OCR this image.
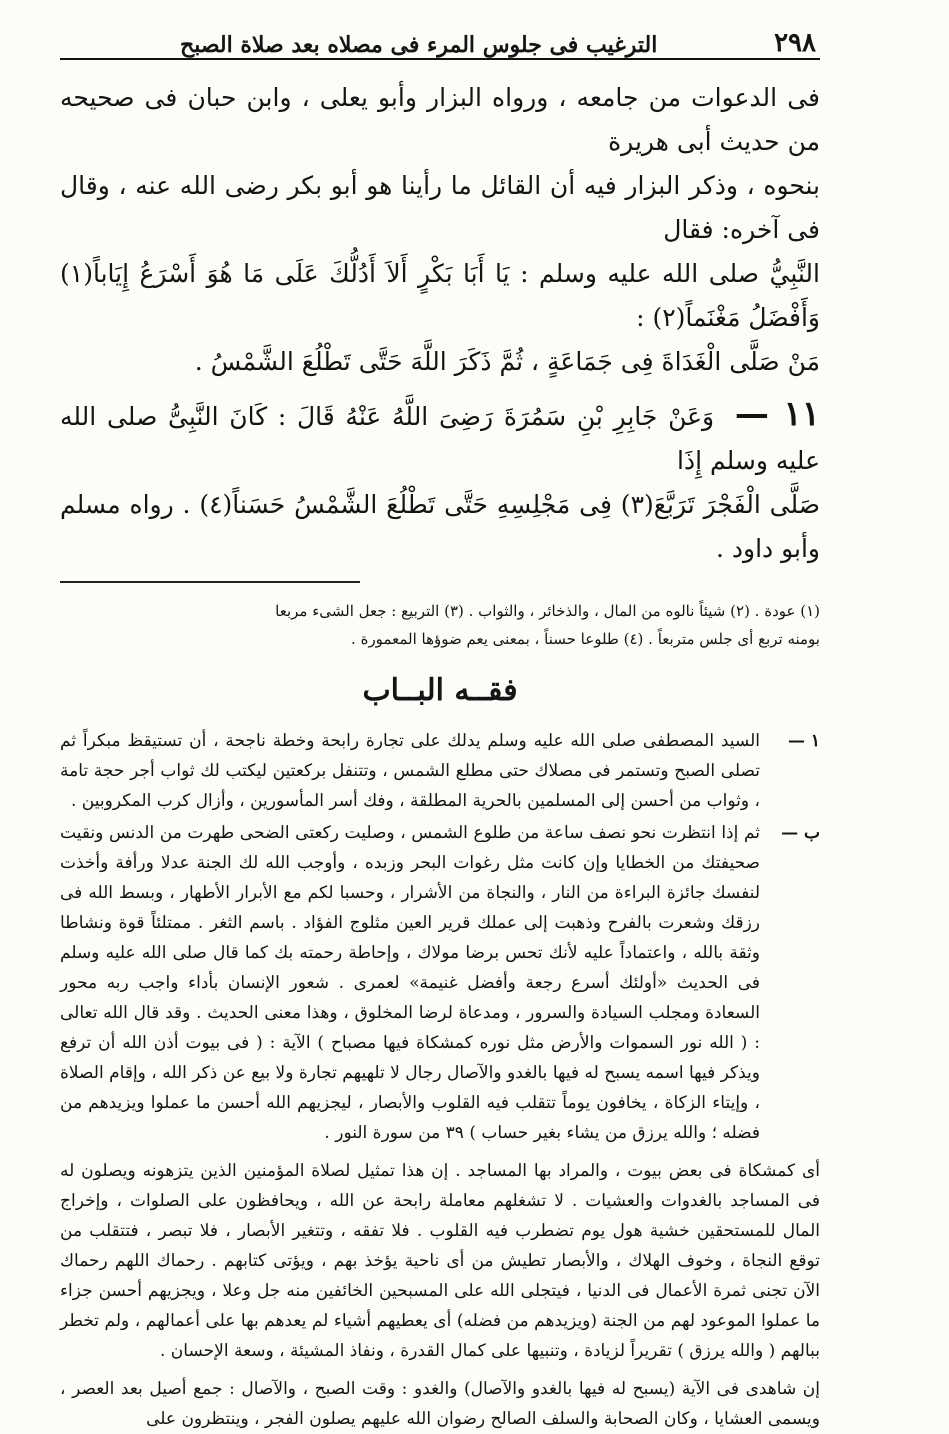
٢٩٨
الترغيب فى جلوس المرء فى مصلاه بعد صلاة الصبح

فى الدعوات من جامعه ، ورواه البزار وأبو يعلى ، وابن حبان فى صحيحه من حديث أبى هريرة

بنحوه ، وذكر البزار فيه أن القائل ما رأينا هو أبو بكر رضى الله عنه ، وقال فى آخره: فقال

النَّبِيُّ صلى الله عليه وسلم : يَا أَبَا بَكْرٍ أَلاَ أَدُلُّكَ عَلَى مَا هُوَ أَسْرَعُ إِيَاباً(١) وَأَفْضَلُ مَغْنَماً(٢) :

مَنْ صَلَّى الْغَدَاةَ فِى جَمَاعَةٍ ، ثُمَّ ذَكَرَ اللَّهَ حَتَّى تَطْلُعَ الشَّمْسُ .

١١ — وَعَنْ جَابِرِ بْنِ سَمُرَةَ رَضِىَ اللَّهُ عَنْهُ قَالَ : كَانَ النَّبِىُّ صلى الله عليه وسلم إِذَا

صَلَّى الْفَجْرَ تَرَبَّعَ(٣) فِى مَجْلِسِهِ حَتَّى تَطْلُعَ الشَّمْسُ حَسَناً(٤) . رواه مسلم وأبو داود .

(١) عودة . (٢) شيئاً نالوه من المال ، والذخائر ، والثواب . (٣) التربيع : جعل الشىء مربعا
بومنه تربع أى جلس متربعاً . (٤) طلوعا حسناً ، بمعنى يعم ضوؤها المعمورة .
فقــه البــاب
١ —
السيد المصطفى صلى الله عليه وسلم يدلك على تجارة رابحة وخطة ناجحة ، أن تستيقظ مبكراً ثم تصلى الصبح وتستمر فى مصلاك حتى مطلع الشمس ، وتتنفل بركعتين ليكتب لك ثواب أجر حجة تامة ، وثواب من أحسن إلى المسلمين بالحرية المطلقة ، وفك أسر المأسورين ، وأزال كرب المكروبين .
ب —
ثم إذا انتظرت نحو نصف ساعة من طلوع الشمس ، وصليت ركعتى الضحى طهرت من الدنس ونقيت صحيفتك من الخطايا وإن كانت مثل رغوات البحر وزبده ، وأوجب الله لك الجنة عدلا ورأفة وأخذت لنفسك جائزة البراءة من النار ، والنجاة من الأشرار ، وحسبا لكم مع الأبرار الأطهار ، وبسط الله فى رزقك وشعرت بالفرح وذهبت إلى عملك قرير العين مثلوج الفؤاد . باسم الثغر . ممتلئاً قوة ونشاطا وثقة بالله ، واعتماداً عليه لأنك تحس برضا مولاك ، وإحاطة رحمته بك كما قال صلى الله عليه وسلم فى الحديث «أولئك أسرع رجعة وأفضل غنيمة» لعمرى . شعور الإنسان بأداء واجب ربه محور السعادة ومجلب السيادة والسرور ، ومدعاة لرضا المخلوق ، وهذا معنى الحديث . وقد قال الله تعالى : ( الله نور السموات والأرض مثل نوره كمشكاة فيها مصباح ) الآية : ( فى بيوت أذن الله أن ترفع ويذكر فيها اسمه يسبح له فيها بالغدو والآصال رجال لا تلهيهم تجارة ولا بيع عن ذكر الله ، وإقام الصلاة ، وإيتاء الزكاة ، يخافون يوماً تتقلب فيه القلوب والأبصار ، ليجزيهم الله أحسن ما عملوا ويزيدهم من فضله ؛ والله يرزق من يشاء بغير حساب ) ٣٩ من سورة النور .

أى كمشكاة فى بعض بيوت ، والمراد بها المساجد . إن هذا تمثيل لصلاة المؤمنين الذين يتزهونه ويصلون له فى المساجد بالغدوات والعشيات . لا تشغلهم معاملة رابحة عن الله ، ويحافظون على الصلوات ، وإخراج المال للمستحقين خشية هول يوم تضطرب فيه القلوب . فلا تفقه ، وتتغير الأبصار ، فلا تبصر ، فتتقلب من توقع النجاة ، وخوف الهلاك ، والأبصار تطيش من أى ناحية يؤخذ بهم ، ويؤتى كتابهم . رحماك اللهم رحماك الآن تجنى ثمرة الأعمال فى الدنيا ، فيتجلى الله على المسبحين الخائفين منه جل وعلا ، ويجزيهم أحسن جزاء ما عملوا الموعود لهم من الجنة (ويزيدهم من فضله) أى يعطيهم أشياء لم يعدهم بها على أعمالهم ، ولم تخطر ببالهم ( والله يرزق ) تقريراً لزيادة ، وتنبيها على كمال القدرة ، ونفاذ المشيئة ، وسعة الإحسان .

إن شاهدى فى الآية (يسبح له فيها بالغدو والآصال) والغدو : وقت الصبح ، والآصال : جمع أصيل بعد العصر ، ويسمى العشايا ، وكان الصحابة والسلف الصالح رضوان الله عليهم يصلون الفجر ، وينتظرون على
